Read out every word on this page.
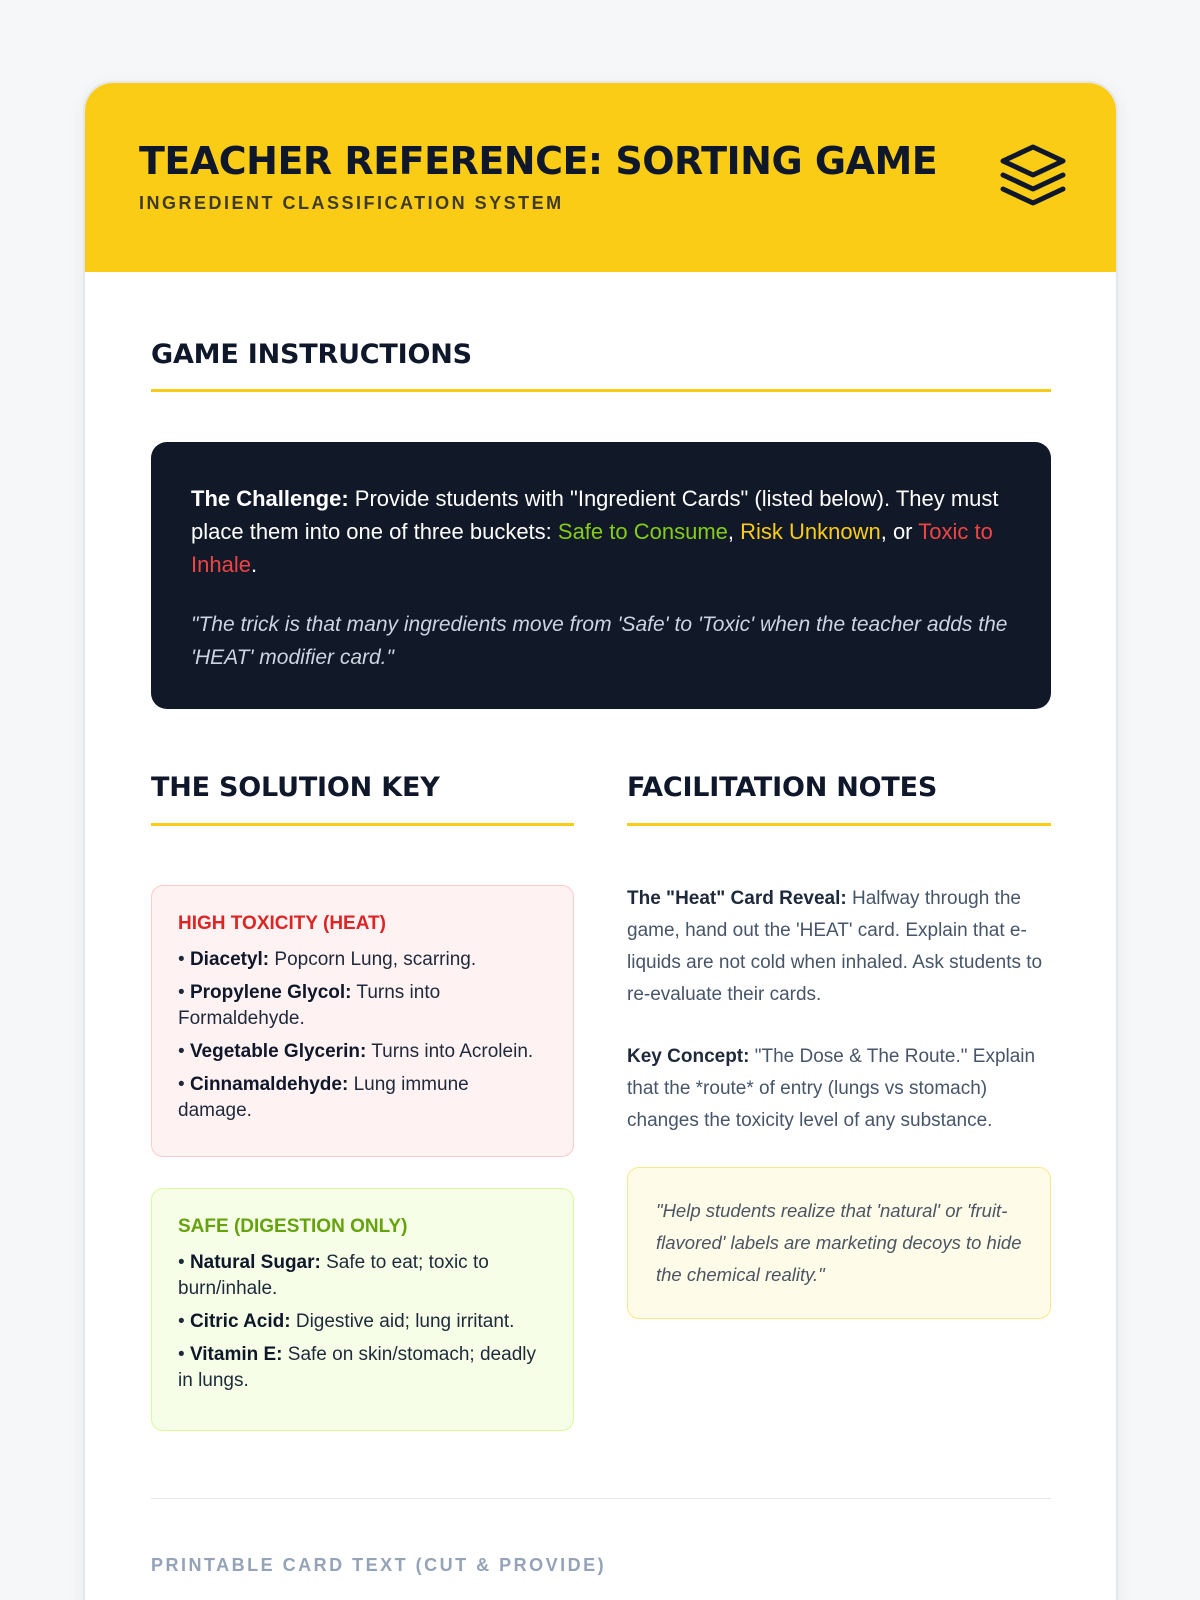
TEACHER REFERENCE: SORTING GAME
INGREDIENT CLASSIFICATION SYSTEM
GAME INSTRUCTIONS
The Challenge: Provide students with "Ingredient Cards" (listed below). They must place them into one of three buckets: Safe to Consume, Risk Unknown, or Toxic to Inhale.
"The trick is that many ingredients move from 'Safe' to 'Toxic' when the teacher adds the 'HEAT' modifier card."
THE SOLUTION KEY
HIGH TOXICITY (HEAT)
• Diacetyl: Popcorn Lung, scarring.
• Propylene Glycol: Turns into Formaldehyde.
• Vegetable Glycerin: Turns into Acrolein.
• Cinnamaldehyde: Lung immune damage.
SAFE (DIGESTION ONLY)
• Natural Sugar: Safe to eat; toxic to burn/inhale.
• Citric Acid: Digestive aid; lung irritant.
• Vitamin E: Safe on skin/stomach; deadly in lungs.
FACILITATION NOTES
The "Heat" Card Reveal: Halfway through the game, hand out the 'HEAT' card. Explain that e-liquids are not cold when inhaled. Ask students to re-evaluate their cards.
Key Concept: "The Dose & The Route." Explain that the *route* of entry (lungs vs stomach) changes the toxicity level of any substance.
"Help students realize that 'natural' or 'fruit-flavored' labels are marketing decoys to hide the chemical reality."
PRINTABLE CARD TEXT (CUT & PROVIDE)
